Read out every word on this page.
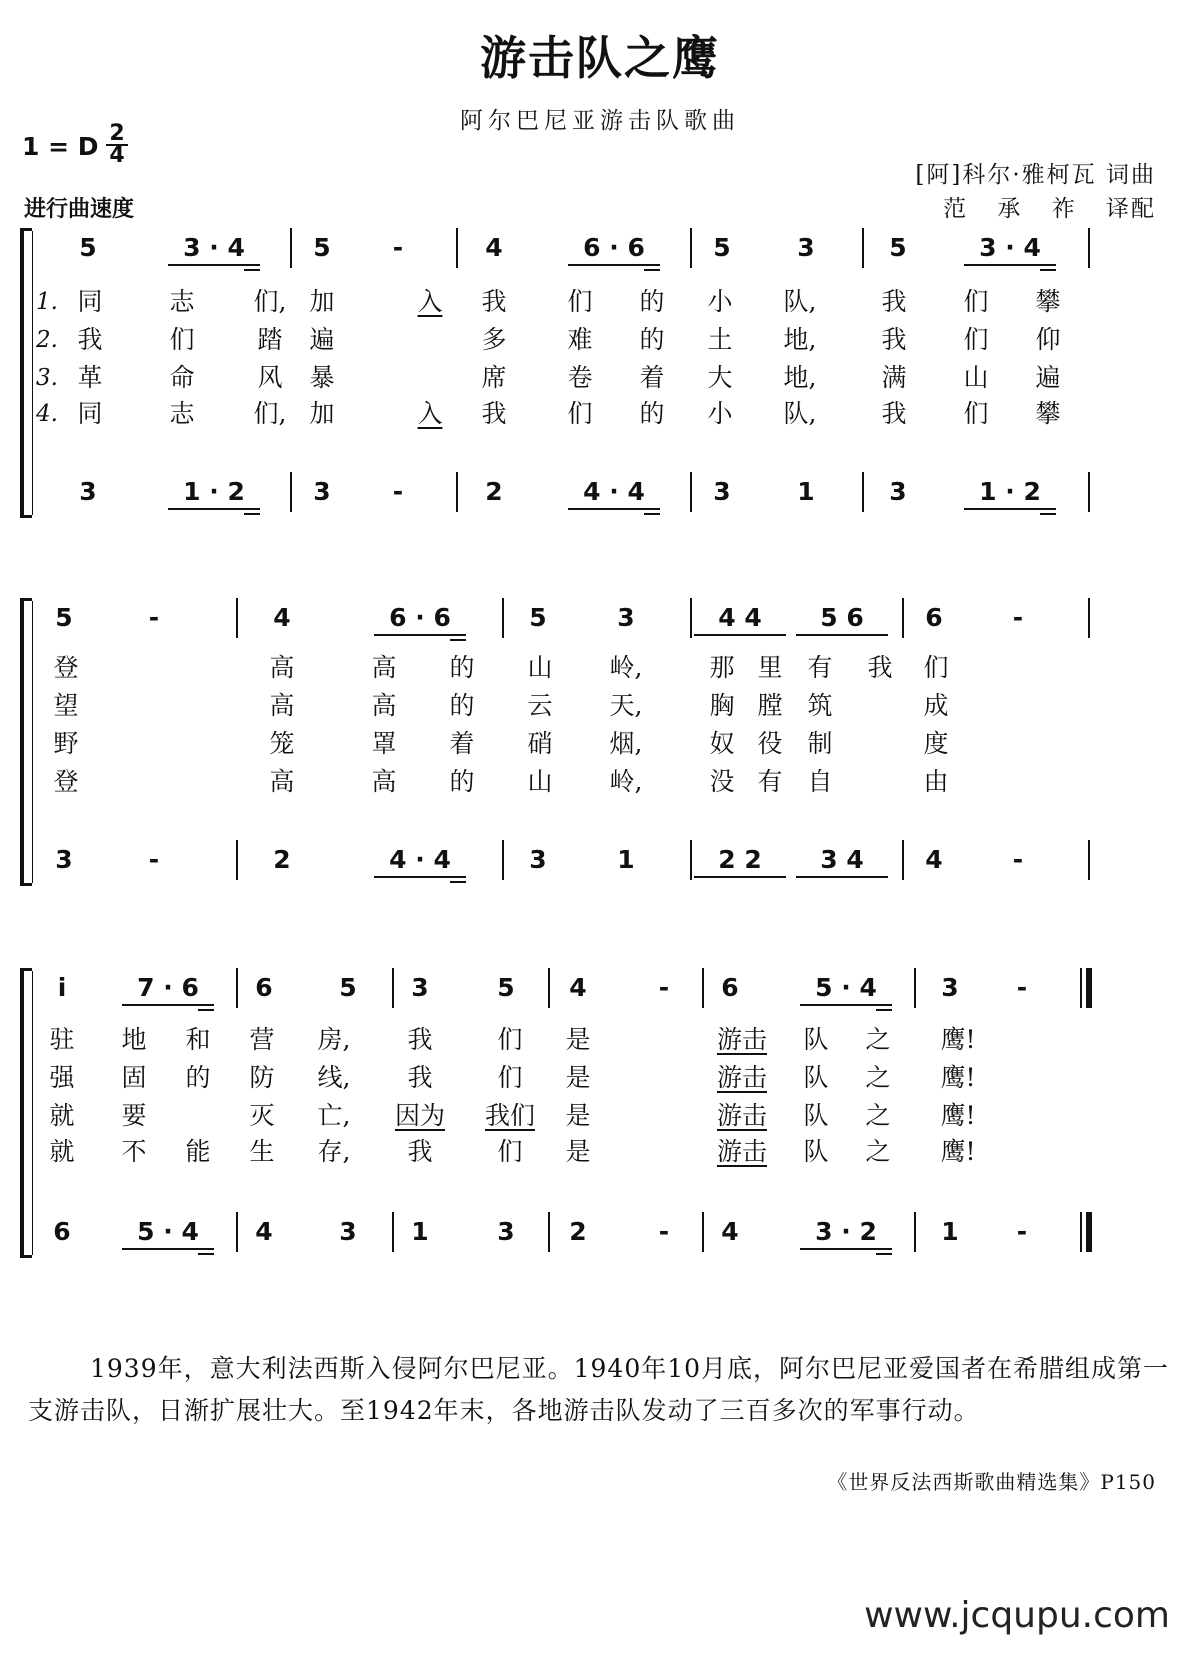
游击队之鹰
阿尔巴尼亚游击队歌曲
1 = D 2
4
进行曲速度
[阿]科尔·雅柯瓦 词曲
范 承 祚 译配
5	3 · 4	5	-	4	6 · 6	5	3	5	3 · 4
1. 同	志	们, 加	入	我	们	的	小	队,	我	们	攀
2. 我	们	踏	遍	多	难	的	土	地,	我	们	仰
3. 革	命	风	暴	席	卷	着	大	地,	满	山	遍
4. 同	志	们, 加	入	我	们	的	小	队,	我	们	攀
3	1 · 2	3	-	2	4 · 4	3	1	3	1 · 2
5	-	4	6 · 6	5	3	4 4	5 6	6	-
登	高	高	的	山	岭,	那 里 有	我	们
望	高	高	的	云	天,	胸 膛 筑	成
野	笼	罩	着	硝	烟,	奴 役 制	度
登	高	高	的	山	岭,	没 有 自	由
3	-	2	4 · 4	3	1	2 2	3 4	4	-
i	7 · 6	6	5	3	5	4	-	6	5 · 4	3	-
驻	地	和	营	房,	我	们	是	游击	队	之	鹰!
强	固	的	防	线,	我	们	是	游击	队	之	鹰!
就	要	灭	亡, 因为 我们	是	游击	队	之	鹰!
就	不	能	生	存,	我	们	是	游击	队	之	鹰!
6	5 · 4	4	3	1	3	2	-	4	3 · 2	1	-
1939年，意大利法西斯入侵阿尔巴尼亚。1940年10月底，阿尔巴尼亚爱国者在希腊组成第一支游击队，日渐扩展壮大。至1942年末，各地游击队发动了三百多次的军事行动。
《世界反法西斯歌曲精选集》P150
www.jcqupu.com
